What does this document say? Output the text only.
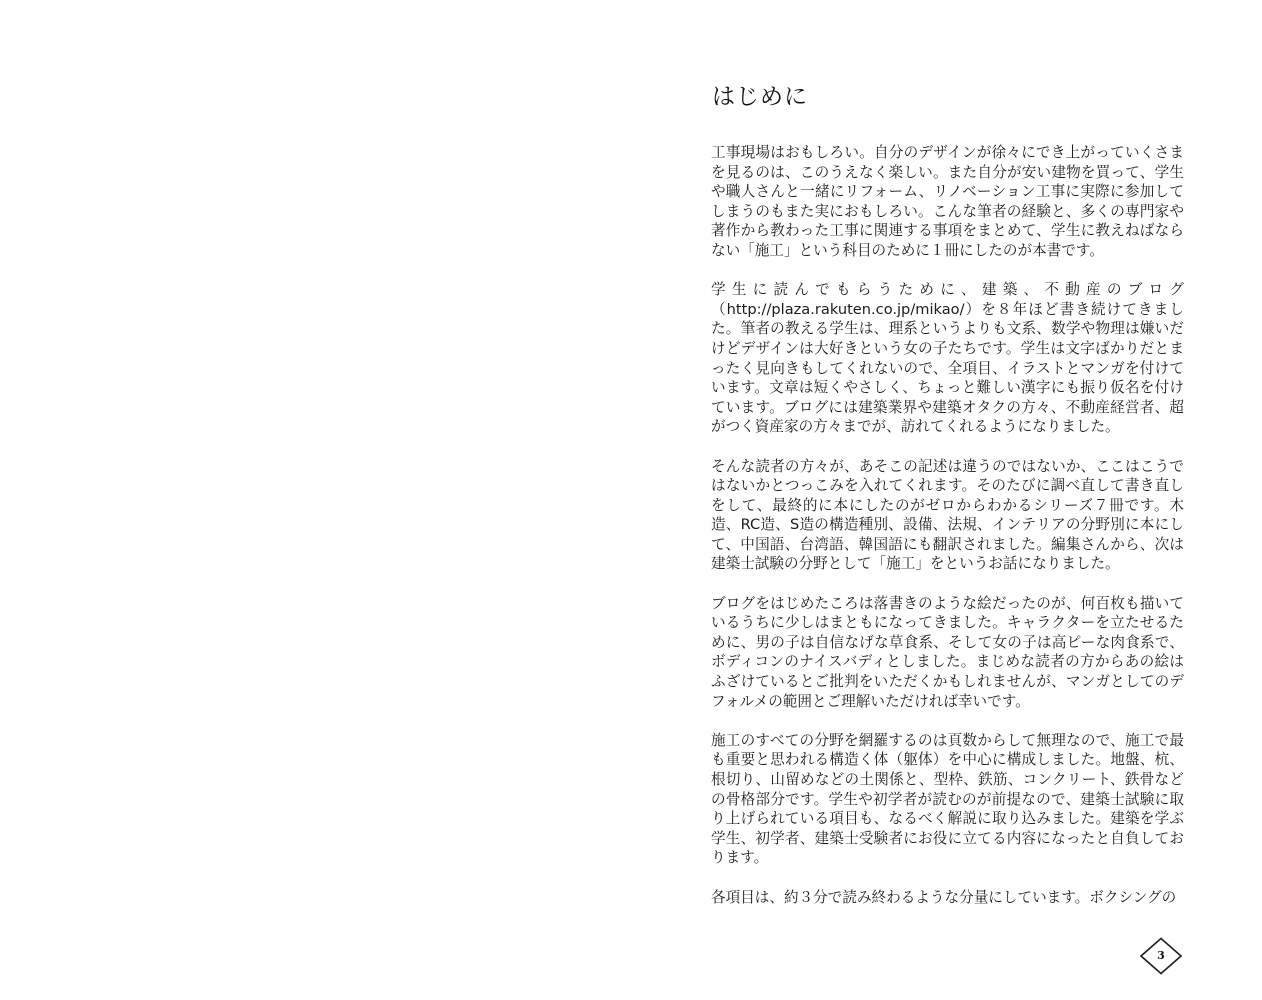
はじめに

工事現場はおもしろい。自分のデザインが徐々にでき上がっていくさまを見るのは、このうえなく楽しい。また自分が安い建物を買って、学生や職人さんと一緒にリフォーム、リノベーション工事に実際に参加してしまうのもまた実におもしろい。こんな筆者の経験と、多くの専門家や著作から教わった工事に関連する事項をまとめて、学生に教えねばならない「施工」という科目のために１冊にしたのが本書です。

学生に読んでもらうために、建築、不動産のブログ（http://plaza.rakuten.co.jp/mikao/）を８年ほど書き続けてきました。筆者の教える学生は、理系というよりも文系、数学や物理は嫌いだけどデザインは大好きという女の子たちです。学生は文字ばかりだとまったく見向きもしてくれないので、全項目、イラストとマンガを付けています。文章は短くやさしく、ちょっと難しい漢字にも振り仮名を付けています。ブログには建築業界や建築オタクの方々、不動産経営者、超がつく資産家の方々までが、訪れてくれるようになりました。

そんな読者の方々が、あそこの記述は違うのではないか、ここはこうではないかとつっこみを入れてくれます。そのたびに調べ直して書き直しをして、最終的に本にしたのがゼロからわかるシリーズ７冊です。木造、RC造、S造の構造種別、設備、法規、インテリアの分野別に本にして、中国語、台湾語、韓国語にも翻訳されました。編集さんから、次は建築士試験の分野として「施工」をというお話になりました。

ブログをはじめたころは落書きのような絵だったのが、何百枚も描いているうちに少しはまともになってきました。キャラクターを立たせるために、男の子は自信なげな草食系、そして女の子は高ピーな肉食系で、ボディコンのナイスバディとしました。まじめな読者の方からあの絵はふざけているとご批判をいただくかもしれませんが、マンガとしてのデフォルメの範囲とご理解いただければ幸いです。

施工のすべての分野を網羅するのは頁数からして無理なので、施工で最も重要と思われる構造く体（躯体）を中心に構成しました。地盤、杭、根切り、山留めなどの土関係と、型枠、鉄筋、コンクリート、鉄骨などの骨格部分です。学生や初学者が読むのが前提なので、建築士試験に取り上げられている項目も、なるべく解説に取り込みました。建築を学ぶ学生、初学者、建築士受験者にお役に立てる内容になったと自負しております。

各項目は、約３分で読み終わるような分量にしています。ボクシングの

3
